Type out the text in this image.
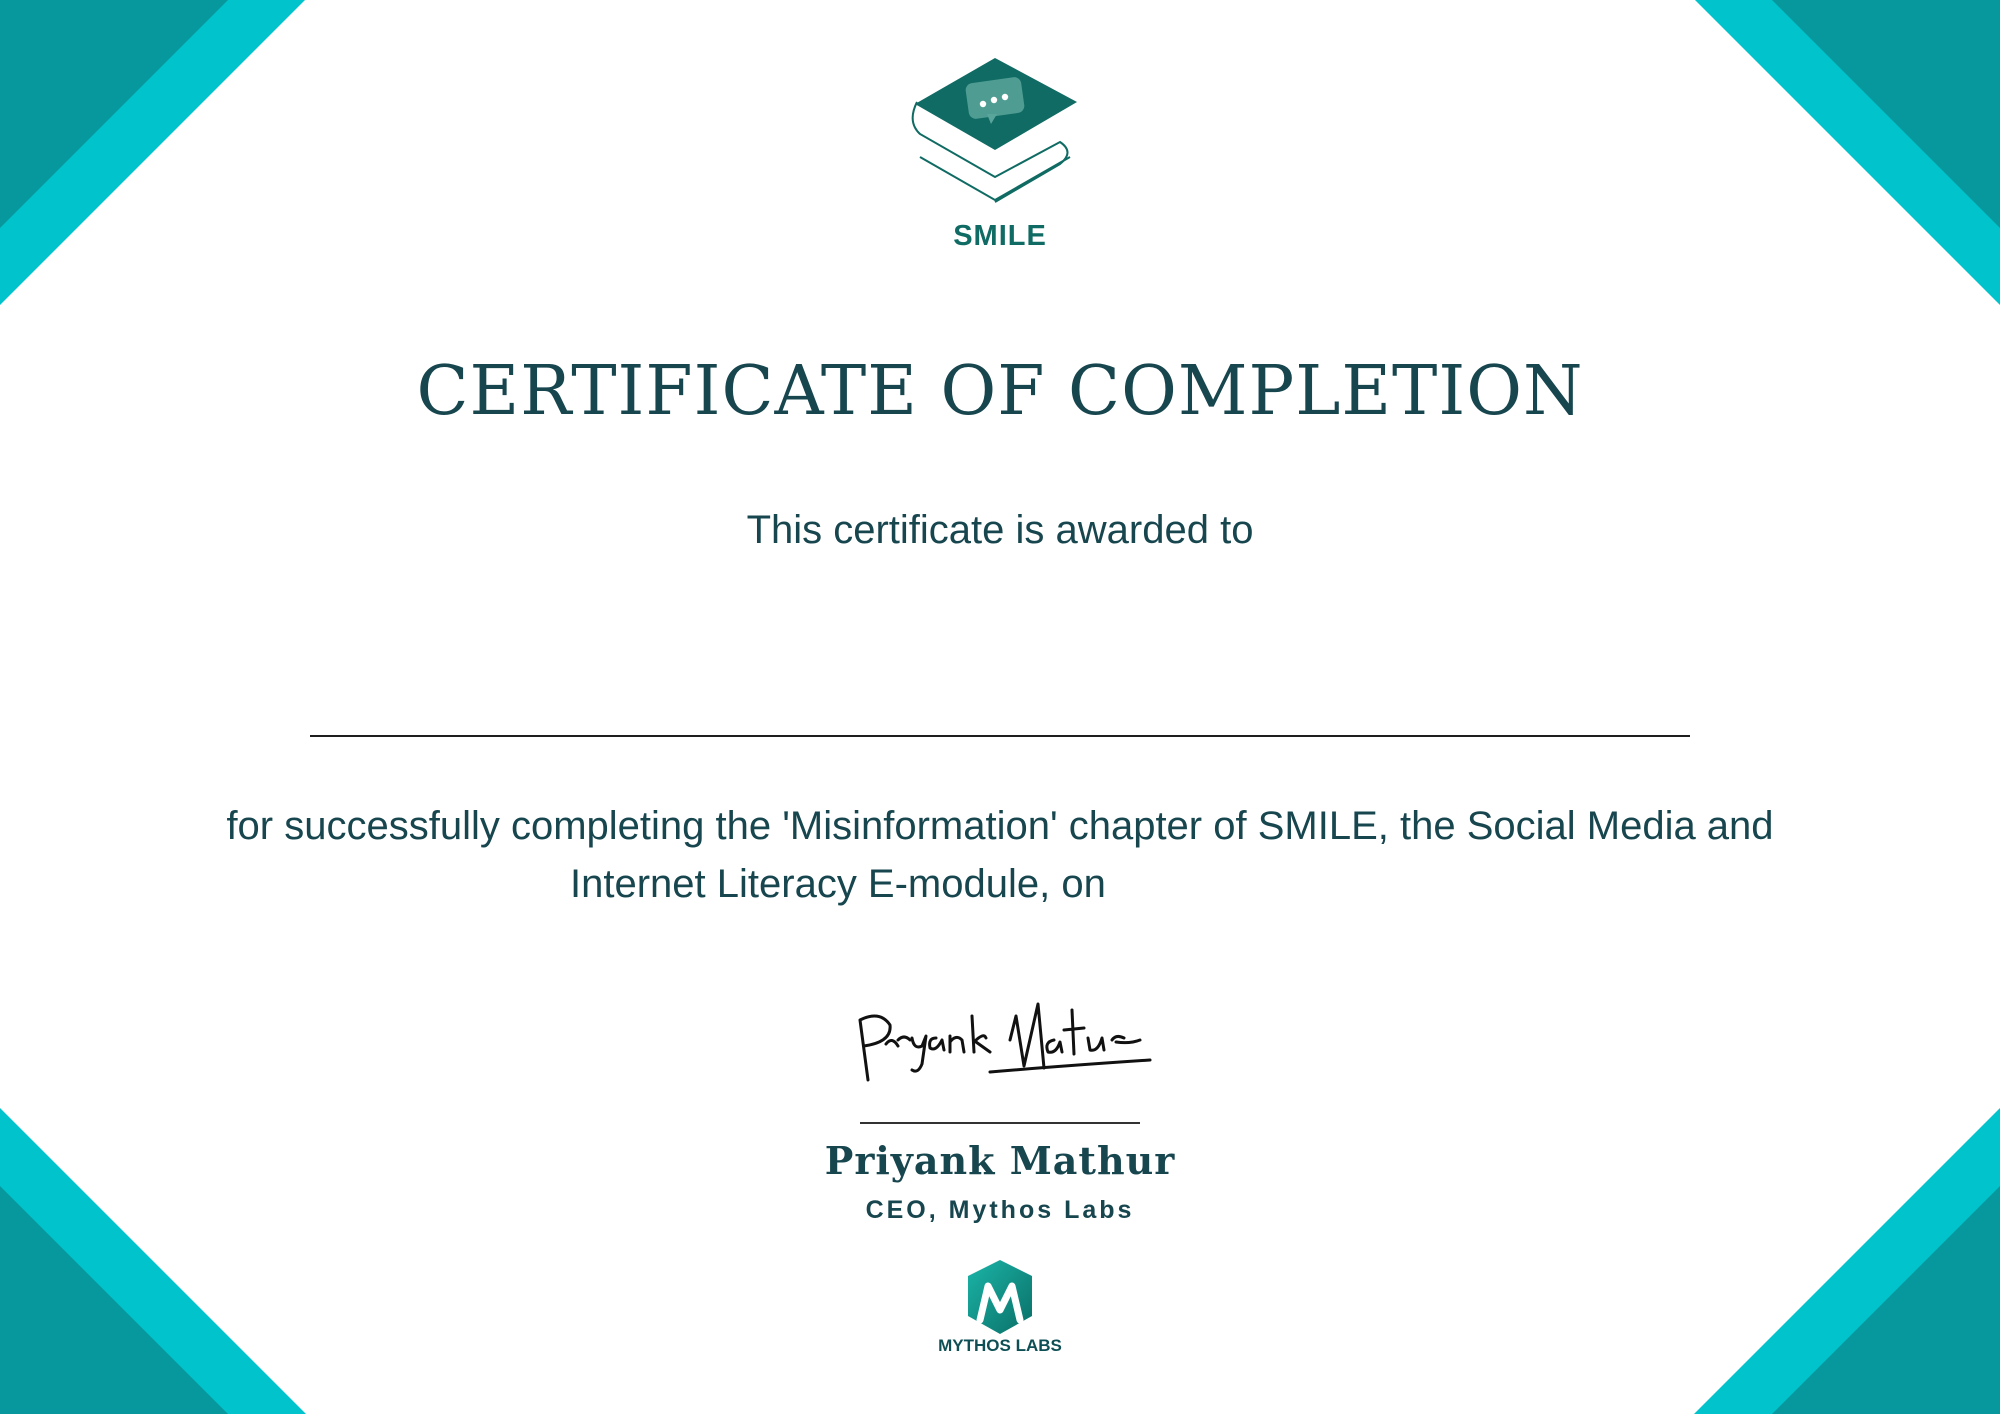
SMILE
CERTIFICATE OF COMPLETION
This certificate is awarded to
for successfully completing the 'Misinformation' chapter of SMILE, the Social Media and
Internet Literacy E-module, on
Priyank Mathur
CEO, Mythos Labs
MYTHOS LABS
